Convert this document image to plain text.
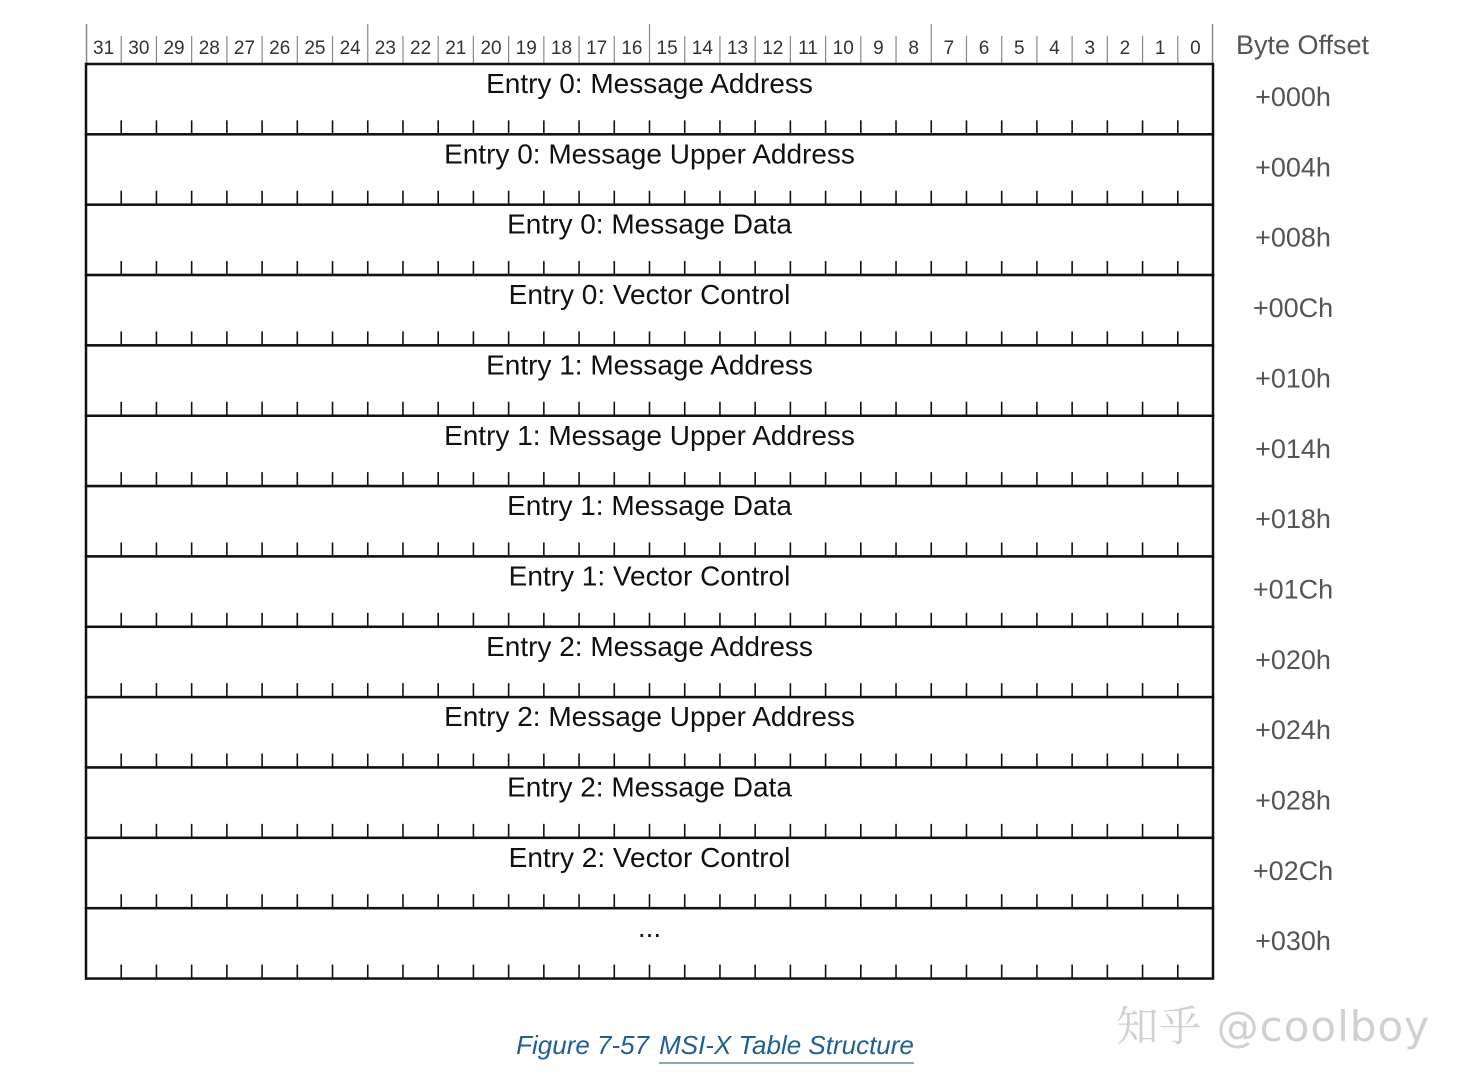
31 30 29 28 27 26 25 24 23 22 21 20 19 18 17 16 15 14 13 12 11 10 9 8 7 6 5 4 3 2 1 0 Byte Offset
Entry 0: Message Address	+000h
Entry 0: Message Upper Address	+004h
Entry 0: Message Data	+008h
Entry 0: Vector Control	+00Ch
Entry 1: Message Address	+010h
Entry 1: Message Upper Address	+014h
Entry 1: Message Data	+018h
Entry 1: Vector Control	+01Ch
Entry 2: Message Address	+020h
Entry 2: Message Upper Address	+024h
Entry 2: Message Data	+028h
Entry 2: Vector Control	+02Ch
...	+030h
Figure 7-57 MSI-X Table Structure	知乎 @coolboy
